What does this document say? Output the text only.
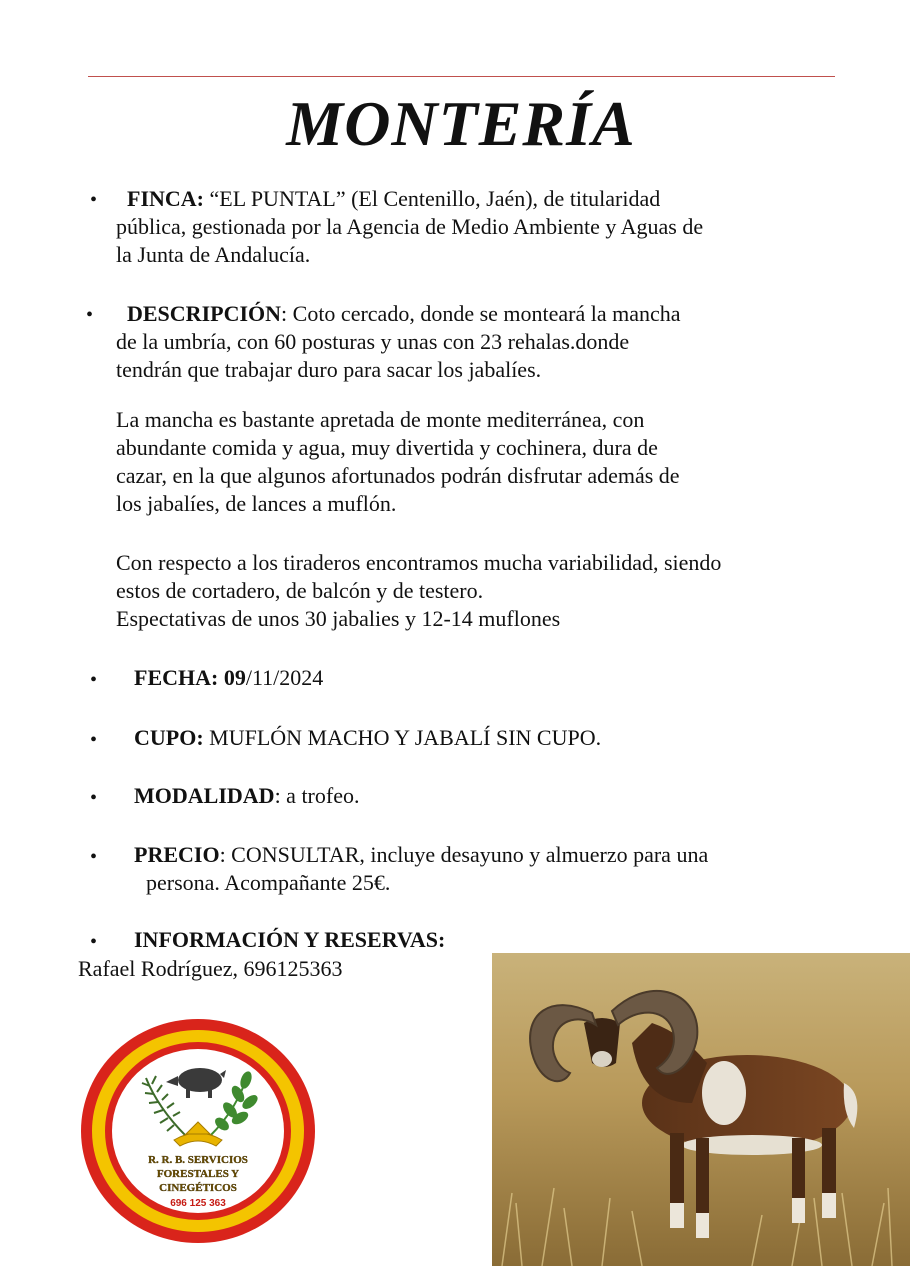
MONTERÍA
•	FINCA: “EL PUNTAL” (El Centenillo, Jaén), de titularidad
pública, gestionada por la Agencia de Medio Ambiente y Aguas de
la Junta de Andalucía.
•	DESCRIPCIÓN: Coto cercado, donde se monteará la mancha
de la umbría, con 60 posturas y unas con 23 rehalas.donde
tendrán que trabajar duro para sacar los jabalíes.
La mancha es bastante apretada de monte mediterránea, con
abundante comida y agua, muy divertida y cochinera, dura de
cazar, en la que algunos afortunados podrán disfrutar además de
los jabalíes, de lances a muflón.
Con respecto a los tiraderos encontramos mucha variabilidad, siendo
estos de cortadero, de balcón y de testero.
Espectativas de unos 30 jabalies y 12-14 muflones
• FECHA: 09/11/2024
• CUPO: MUFLÓN MACHO Y JABALÍ SIN CUPO.
• MODALIDAD: a trofeo.
• PRECIO: CONSULTAR, incluye desayuno y almuerzo para una
persona. Acompañante 25€.
• INFORMACIÓN Y RESERVAS:
Rafael Rodríguez, 696125363
R. R. B. SERVICIOS
FORESTALES Y
CINEGÉTICOS
696 125 363
